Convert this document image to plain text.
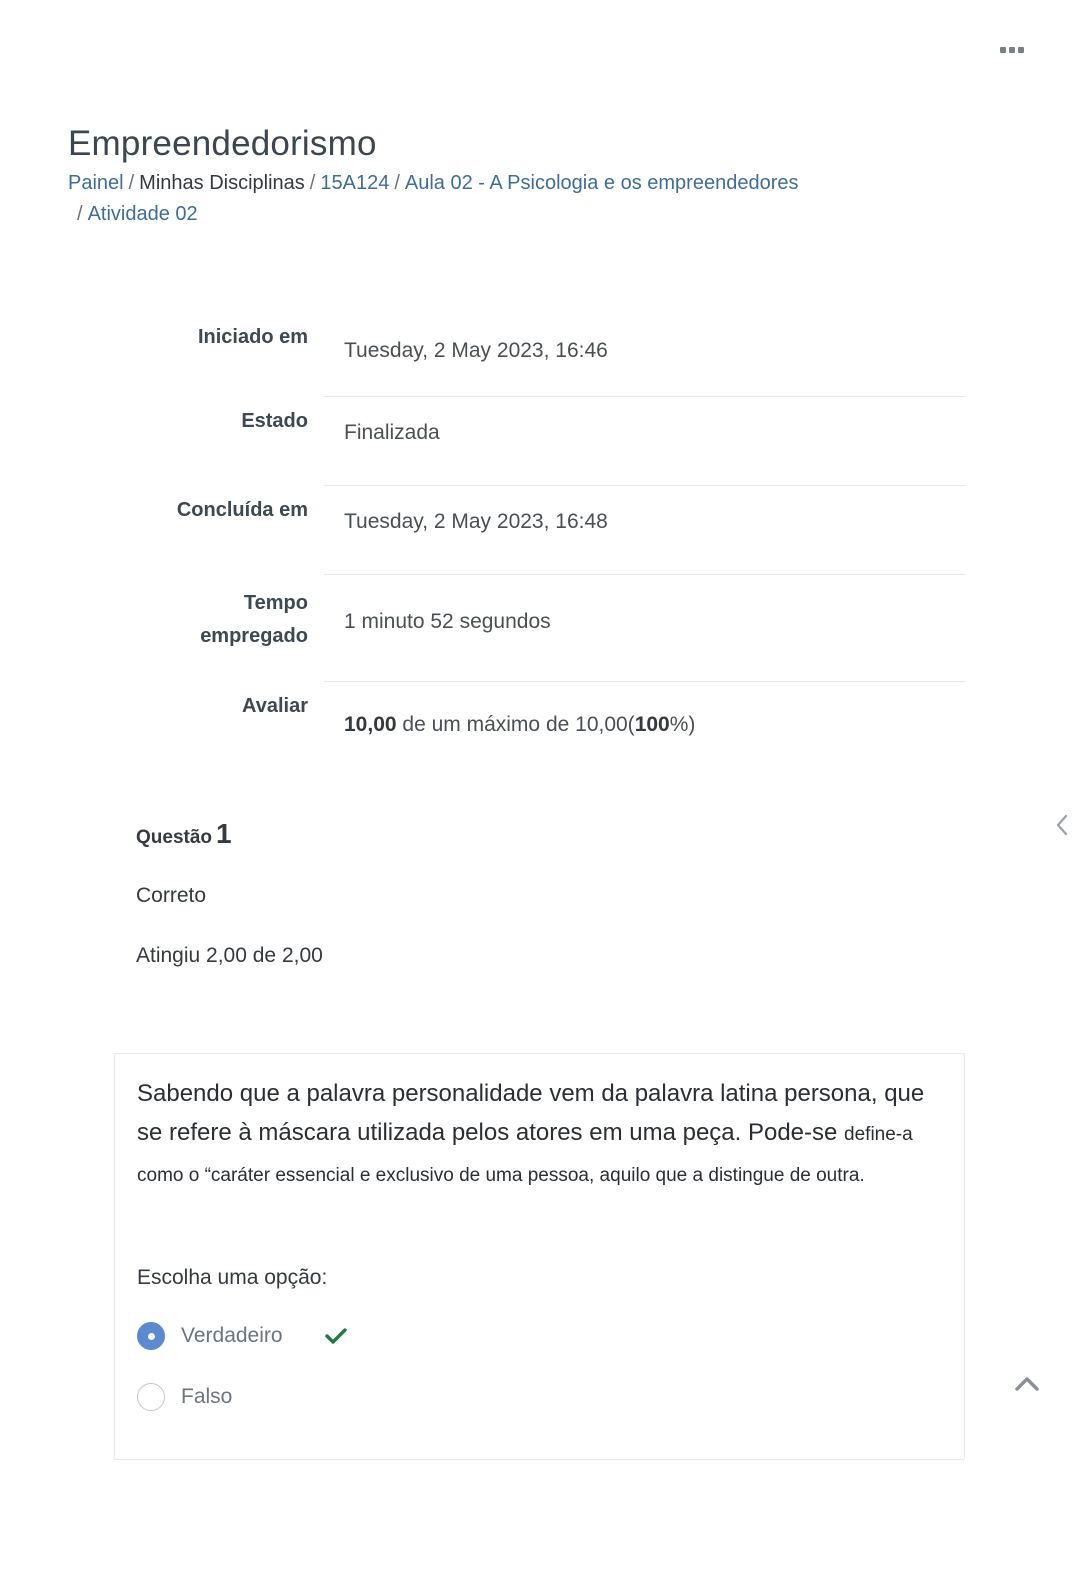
Empreendedorismo
Painel / Minhas Disciplinas / 15A124 / Aula 02 - A Psicologia e os empreendedores
/ Atividade 02
Iniciado em	Tuesday, 2 May 2023, 16:46
Estado	Finalizada
Concluída em	Tuesday, 2 May 2023, 16:48
Tempo
empregado	1 minuto 52 segundos
Avaliar	10,00 de um máximo de 10,00(100%)
Questão 1
Correto
Atingiu 2,00 de 2,00

Sabendo que a palavra personalidade vem da palavra latina persona, que se refere à máscara utilizada pelos atores em uma peça. Pode-se define-a como o “caráter essencial e exclusivo de uma pessoa, aquilo que a distingue de outra.

Escolha uma opção:
Verdadeiro
Falso
